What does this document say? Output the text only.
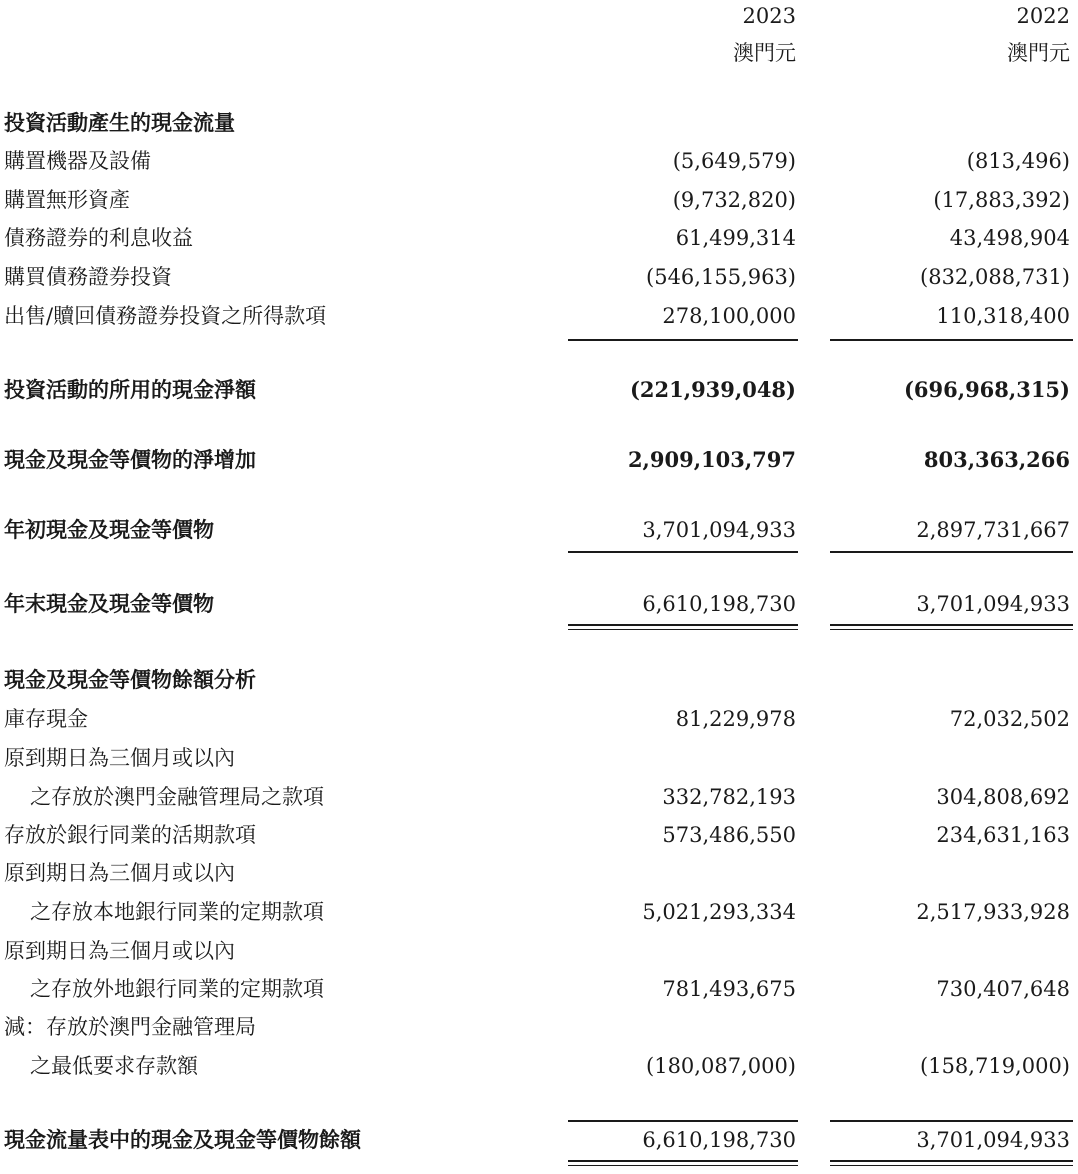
2023	2022
澳門元	澳門元
投資活動產生的現金流量
購置機器及設備	(5,649,579)	(813,496)
購置無形資產	(9,732,820)	(17,883,392)
債務證券的利息收益	61,499,314	43,498,904
購買債務證券投資	(546,155,963)	(832,088,731)
出售/贖回債務證券投資之所得款項	278,100,000	110,318,400
投資活動的所用的現金淨額	(221,939,048)	(696,968,315)
現金及現金等價物的淨增加	2,909,103,797	803,363,266
年初現金及現金等價物	3,701,094,933	2,897,731,667
年末現金及現金等價物	6,610,198,730	3,701,094,933
現金及現金等價物餘額分析
庫存現金	81,229,978	72,032,502
原到期日為三個月或以內
之存放於澳門金融管理局之款項	332,782,193	304,808,692
存放於銀行同業的活期款項	573,486,550	234,631,163
原到期日為三個月或以內
之存放本地銀行同業的定期款項	5,021,293,334	2,517,933,928
原到期日為三個月或以內
之存放外地銀行同業的定期款項	781,493,675	730,407,648
減：存放於澳門金融管理局
之最低要求存款額	(180,087,000)	(158,719,000)
現金流量表中的現金及現金等價物餘額	6,610,198,730	3,701,094,933
